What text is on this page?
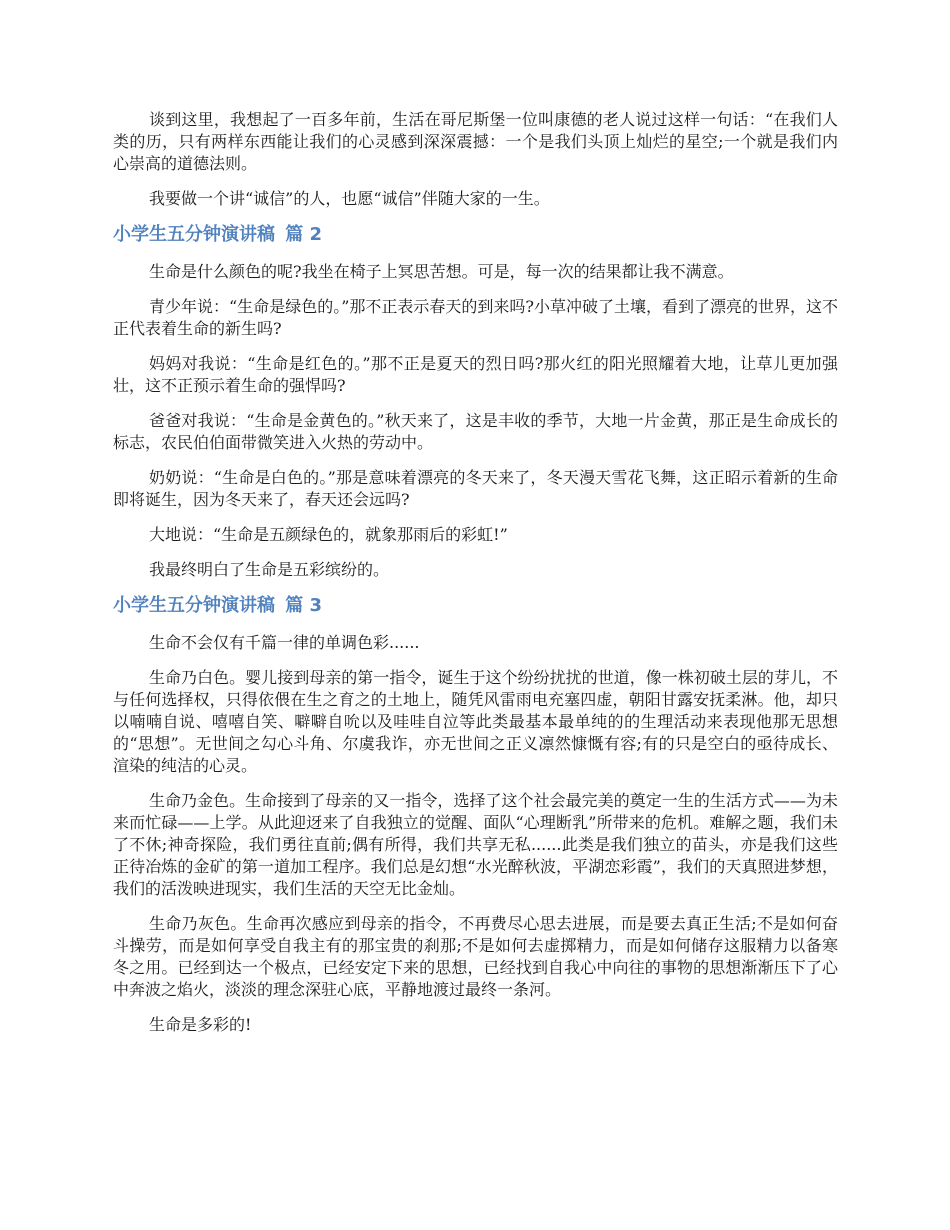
谈到这里，我想起了一百多年前，生活在哥尼斯堡一位叫康德的老人说过这样一句话：“在我们人类的历，只有两样东西能让我们的心灵感到深深震撼：一个是我们头顶上灿烂的星空;一个就是我们内心崇高的道德法则。

我要做一个讲“诚信”的人，也愿“诚信”伴随大家的一生。

小学生五分钟演讲稿 篇 2

生命是什么颜色的呢?我坐在椅子上冥思苦想。可是，每一次的结果都让我不满意。

青少年说：“生命是绿色的。”那不正表示春天的到来吗?小草冲破了土壤，看到了漂亮的世界，这不正代表着生命的新生吗?

妈妈对我说：“生命是红色的。”那不正是夏天的烈日吗?那火红的阳光照耀着大地，让草儿更加强壮，这不正预示着生命的强悍吗?

爸爸对我说：“生命是金黄色的。”秋天来了，这是丰收的季节，大地一片金黄，那正是生命成长的标志，农民伯伯面带微笑进入火热的劳动中。

奶奶说：“生命是白色的。”那是意味着漂亮的冬天来了，冬天漫天雪花飞舞，这正昭示着新的生命即将诞生，因为冬天来了，春天还会远吗?

大地说：“生命是五颜绿色的，就象那雨后的彩虹!”

我最终明白了生命是五彩缤纷的。

小学生五分钟演讲稿 篇 3

生命不会仅有千篇一律的单调色彩......

生命乃白色。婴儿接到母亲的第一指令，诞生于这个纷纷扰扰的世道，像一株初破土层的芽儿，不与任何选择权，只得依偎在生之育之的土地上，随凭风雷雨电充塞四虚，朝阳甘露安抚柔淋。他，却只以喃喃自说、嘻嘻自笑、噼噼自吮以及哇哇自泣等此类最基本最单纯的的生理活动来表现他那无思想的“思想”。无世间之勾心斗角、尔虞我诈，亦无世间之正义凛然慷慨有容;有的只是空白的亟待成长、渲染的纯洁的心灵。

生命乃金色。生命接到了母亲的又一指令，选择了这个社会最完美的奠定一生的生活方式——为未来而忙碌——上学。从此迎迓来了自我独立的觉醒、面队“心理断乳”所带来的危机。难解之题，我们未了不休;神奇探险，我们勇往直前;偶有所得，我们共享无私......此类是我们独立的苗头，亦是我们这些正待冶炼的金矿的第一道加工程序。我们总是幻想“水光醉秋波，平湖恋彩霞”，我们的天真照进梦想，我们的活泼映进现实，我们生活的天空无比金灿。

生命乃灰色。生命再次感应到母亲的指令，不再费尽心思去进展，而是要去真正生活;不是如何奋斗操劳，而是如何享受自我主有的那宝贵的刹那;不是如何去虚掷精力，而是如何储存这服精力以备寒冬之用。已经到达一个极点，已经安定下来的思想，已经找到自我心中向往的事物的思想渐渐压下了心中奔波之焰火，淡淡的理念深驻心底，平静地渡过最终一条河。

生命是多彩的!
